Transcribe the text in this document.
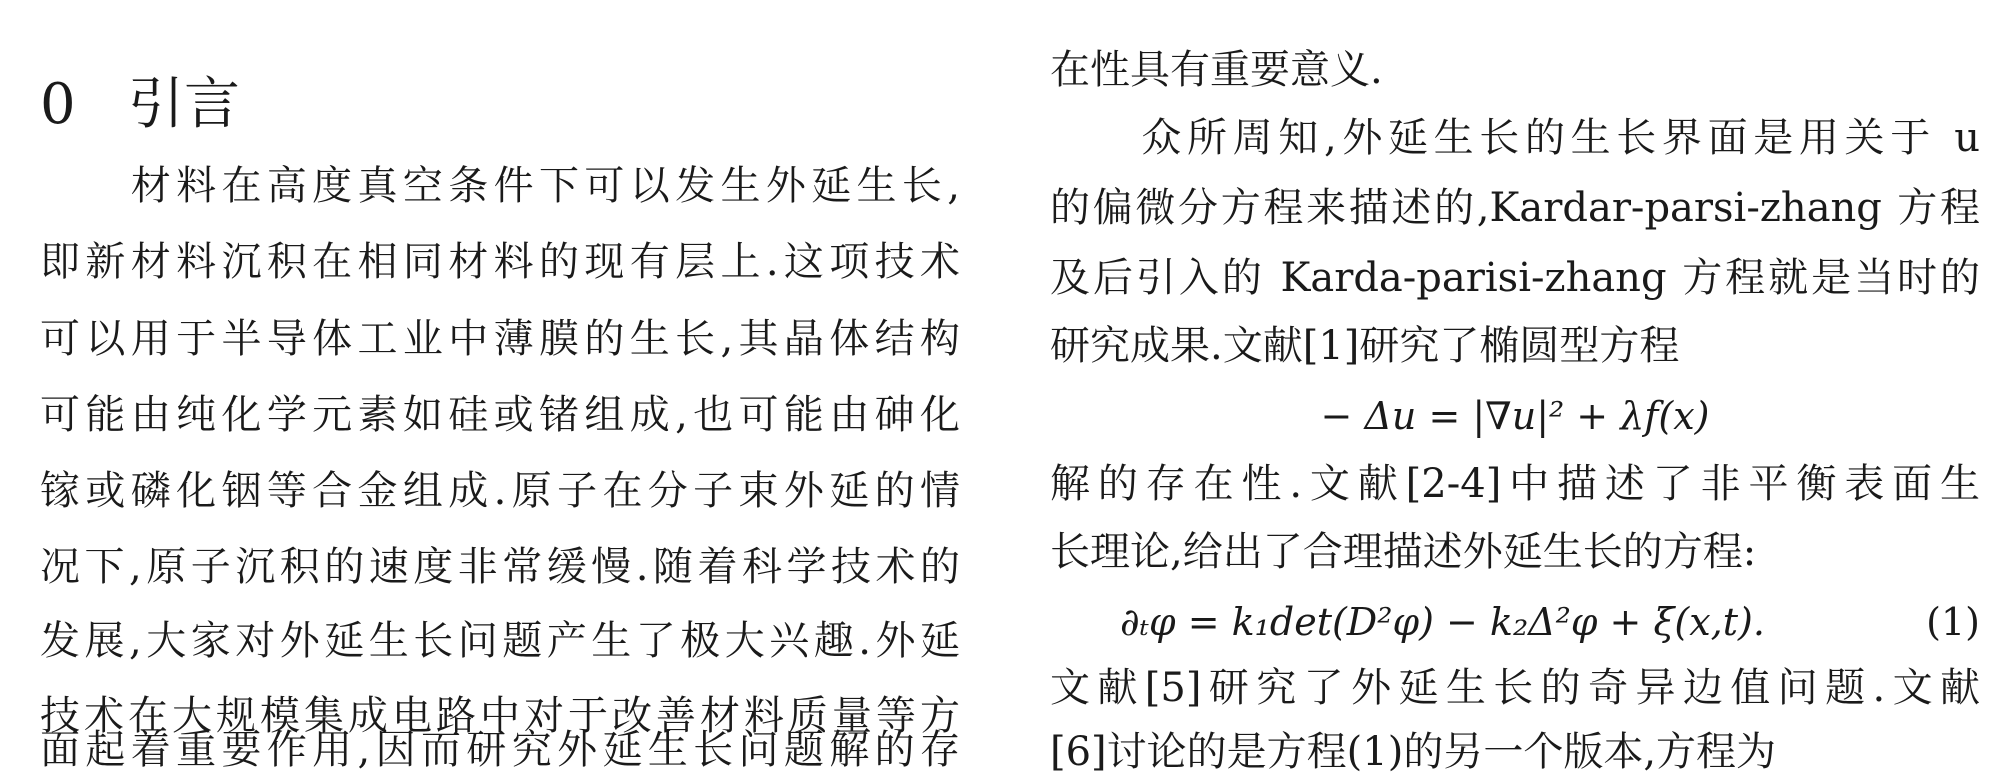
0 引言
　　材料在高度真空条件下可以发生外延生长,
即新材料沉积在相同材料的现有层上.这项技术
可以用于半导体工业中薄膜的生长,其晶体结构
可能由纯化学元素如硅或锗组成,也可能由砷化
镓或磷化铟等合金组成.原子在分子束外延的情
况下,原子沉积的速度非常缓慢.随着科学技术的
发展,大家对外延生长问题产生了极大兴趣.外延
技术在大规模集成电路中对于改善材料质量等方
在性具有重要意义.
　　众所周知,外延生长的生长界面是用关于 u
的偏微分方程来描述的,Kardar-parsi-zhang 方程
及后引入的 Karda-parisi-zhang 方程就是当时的
研究成果.文献[1]研究了椭圆型方程
− Δu = |∇u|² + λf(x)
解的存在性.文献[2-4]中描述了非平衡表面生
长理论,给出了合理描述外延生长的方程:
∂ₜφ = k₁det(D²φ) − k₂Δ²φ + ξ(x,t).	(1)
文献[5]研究了外延生长的奇异边值问题.文献
[6]讨论的是方程(1)的另一个版本,方程为
面起着重要作用,因而研究外延生长问题解的存
